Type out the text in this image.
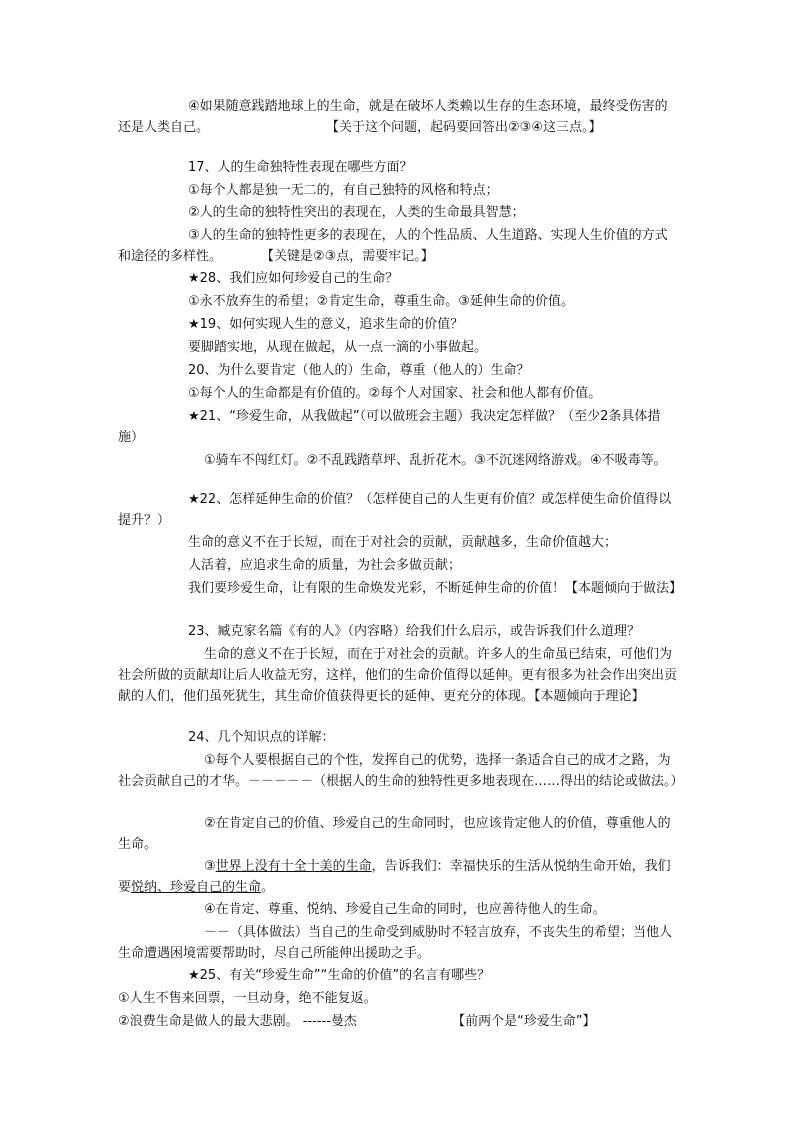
④如果随意践踏地球上的生命，就是在破坏人类赖以生存的生态环境，最终受伤害的还是人类自己。　　　　　　　　　　【关于这个问题，起码要回答出②③④这三点。】
17、人的生命独特性表现在哪些方面？
①每个人都是独一无二的，有自己独特的风格和特点；
②人的生命的独特性突出的表现在，人类的生命最具智慧；
③人的生命的独特性更多的表现在，人的个性品质、人生道路、实现人生价值的方式和途径的多样性。　　　　【关键是②③点，需要牢记。】
★28、我们应如何珍爱自己的生命？
①永不放弃生的希望；②肯定生命，尊重生命。③延伸生命的价值。
★19、如何实现人生的意义，追求生命的价值？
要脚踏实地，从现在做起，从一点一滴的小事做起。
20、为什么要肯定（他人的）生命，尊重（他人的）生命？
①每个人的生命都是有价值的。②每个人对国家、社会和他人都有价值。
★21、“珍爱生命，从我做起”（可以做班会主题）我决定怎样做？（至少2条具体措施）
①骑车不闯红灯。②不乱践踏草坪、乱折花木。③不沉迷网络游戏。④不吸毒等。
★22、怎样延伸生命的价值？（怎样使自己的人生更有价值？或怎样使生命价值得以提升？）
生命的意义不在于长短，而在于对社会的贡献，贡献越多，生命价值越大；
人活着，应追求生命的质量，为社会多做贡献；
我们要珍爱生命，让有限的生命焕发光彩，不断延伸生命的价值！【本题倾向于做法】
23、臧克家名篇《有的人》（内容略）给我们什么启示，或告诉我们什么道理？
生命的意义不在于长短，而在于对社会的贡献。许多人的生命虽已结束，可他们为社会所做的贡献却让后人收益无穷，这样，他们的生命价值得以延伸。更有很多为社会作出突出贡献的人们，他们虽死犹生，其生命价值获得更长的延伸、更充分的体现。【本题倾向于理论】
24、几个知识点的详解：
①每个人要根据自己的个性，发挥自己的优势，选择一条适合自己的成才之路，为社会贡献自己的才华。－－－－－（根据人的生命的独特性更多地表现在……得出的结论或做法。）
②在肯定自己的价值、珍爱自己的生命同时，也应该肯定他人的价值，尊重他人的生命。
③世界上没有十全十美的生命，告诉我们：幸福快乐的生活从悦纳生命开始，我们要悦纳、珍爱自己的生命。
④在肯定、尊重、悦纳、珍爱自己生命的同时，也应善待他人的生命。
－－（具体做法）当自己的生命受到威胁时不轻言放弃，不丧失生的希望；当他人生命遭遇困境需要帮助时，尽自己所能伸出援助之手。
★25、有关“珍爱生命”“生命的价值”的名言有哪些？
①人生不售来回票，一旦动身，绝不能复返。
②浪费生命是做人的最大悲剧。 ------曼杰　　　　　　　 【前两个是“珍爱生命”】
